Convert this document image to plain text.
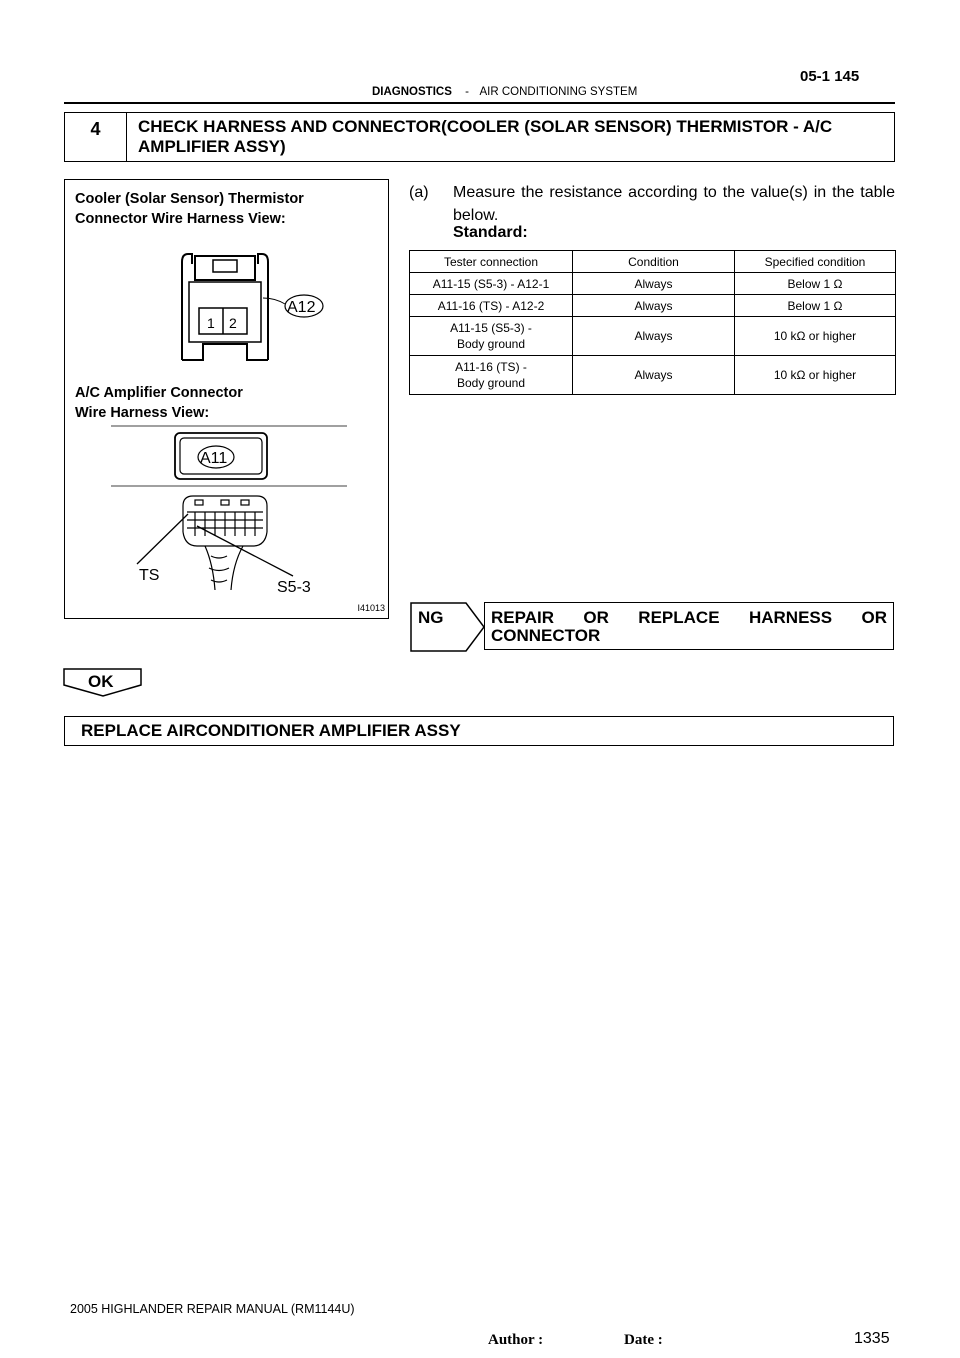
05-1 145
DIAGNOSTICS - AIR CONDITIONING SYSTEM
4	CHECK HARNESS AND CONNECTOR(COOLER (SOLAR SENSOR) THERMISTOR - A/C AMPLIFIER ASSY)
Cooler (Solar Sensor) Thermistor
Connector Wire Harness View:
1 2
A12
A11
TS
S5-3
A/C Amplifier Connector
Wire Harness View:
I41013
(a) Measure the resistance according to the value(s) in the table below.
Standard:
Tester connection	Condition	Specified condition
A11-15 (S5-3) - A12-1	Always	Below 1 Ω
A11-16 (TS) - A12-2	Always	Below 1 Ω

A11-15 (S5-3) -
Body ground	Always	10 kΩ or higher

A11-16 (TS) -
Body ground	Always	10 kΩ or higher
NG	REPAIR OR REPLACE HARNESS OR CONNECTOR
OK
REPLACE AIRCONDITIONER AMPLIFIER ASSY
2005 HIGHLANDER REPAIR MANUAL (RM1144U)
Author :	Date :	1335
